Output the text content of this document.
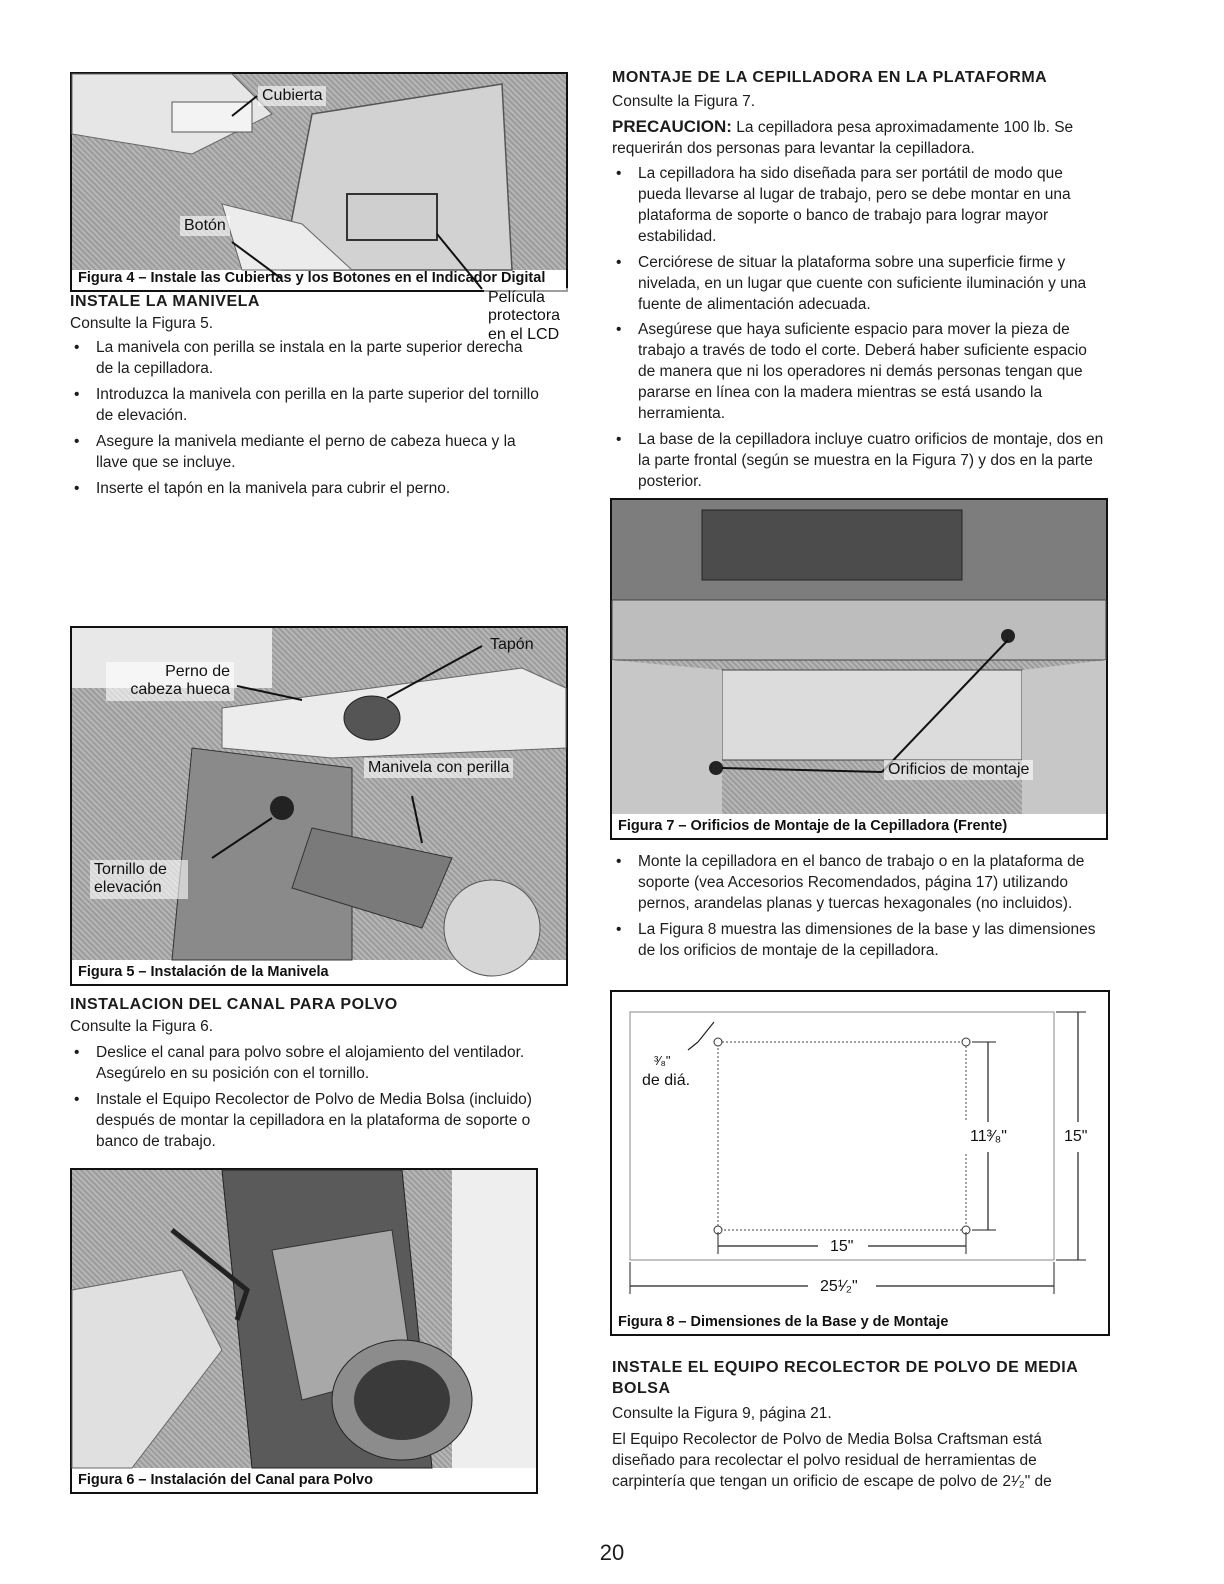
Cubierta
Botón
Película protectora en el LCD
Figura 4 – Instale las Cubiertas y los Botones en el Indicador Digital
INSTALE LA MANIVELA

Consulte la Figura 5.

• La manivela con perilla se instala en la parte superior derecha de la cepilladora.
• Introduzca la manivela con perilla en la parte superior del tornillo de elevación.
• Asegure la manivela mediante el perno de cabeza hueca y la llave que se incluye.
• Inserte el tapón en la manivela para cubrir el perno.
Tapón
Perno de cabeza hueca
Manivela con perilla
Tornillo de elevación
Figura 5 – Instalación de la Manivela
INSTALACION DEL CANAL PARA POLVO

Consulte la Figura 6.

• Deslice el canal para polvo sobre el alojamiento del ventilador. Asegúrelo en su posición con el tornillo.
• Instale el Equipo Recolector de Polvo de Media Bolsa (incluido) después de montar la cepilladora en la plataforma de soporte o banco de trabajo.
Figura 6 – Instalación del Canal para Polvo
MONTAJE DE LA CEPILLADORA EN LA PLATAFORMA

Consulte la Figura 7.

PRECAUCION: La cepilladora pesa aproximadamente 100 lb. Se requerirán dos personas para levantar la cepilladora.

• La cepilladora ha sido diseñada para ser portátil de modo que pueda llevarse al lugar de trabajo, pero se debe montar en una plataforma de soporte o banco de trabajo para lograr mayor estabilidad.
• Cerciórese de situar la plataforma sobre una superficie firme y nivelada, en un lugar que cuente con suficiente iluminación y una fuente de alimentación adecuada.
• Asegúrese que haya suficiente espacio para mover la pieza de trabajo a través de todo el corte. Deberá haber suficiente espacio de manera que ni los operadores ni demás personas tengan que pararse en línea con la madera mientras se está usando la herramienta.
• La base de la cepilladora incluye cuatro orificios de montaje, dos en la parte frontal (según se muestra en la Figura 7) y dos en la parte posterior.
Orificios de montaje
Figura 7 – Orificios de Montaje de la Cepilladora (Frente)
• Monte la cepilladora en el banco de trabajo o en la plataforma de soporte (vea Accesorios Recomendados, página 17) utilizando pernos, arandelas planas y tuercas hexagonales (no incluidos).
• La Figura 8 muestra las dimensiones de la base y las dimensiones de los orificios de montaje de la cepilladora.
³⁄₈"
de diá.
11³⁄₈"	15"
15"
25¹⁄₂"
Figura 8 – Dimensiones de la Base y de Montaje
INSTALE EL EQUIPO RECOLECTOR DE POLVO DE MEDIA BOLSA

Consulte la Figura 9, página 21.

El Equipo Recolector de Polvo de Media Bolsa Craftsman está diseñado para recolectar el polvo residual de herramientas de carpintería que tengan un orificio de escape de polvo de 2¹⁄₂" de

20
